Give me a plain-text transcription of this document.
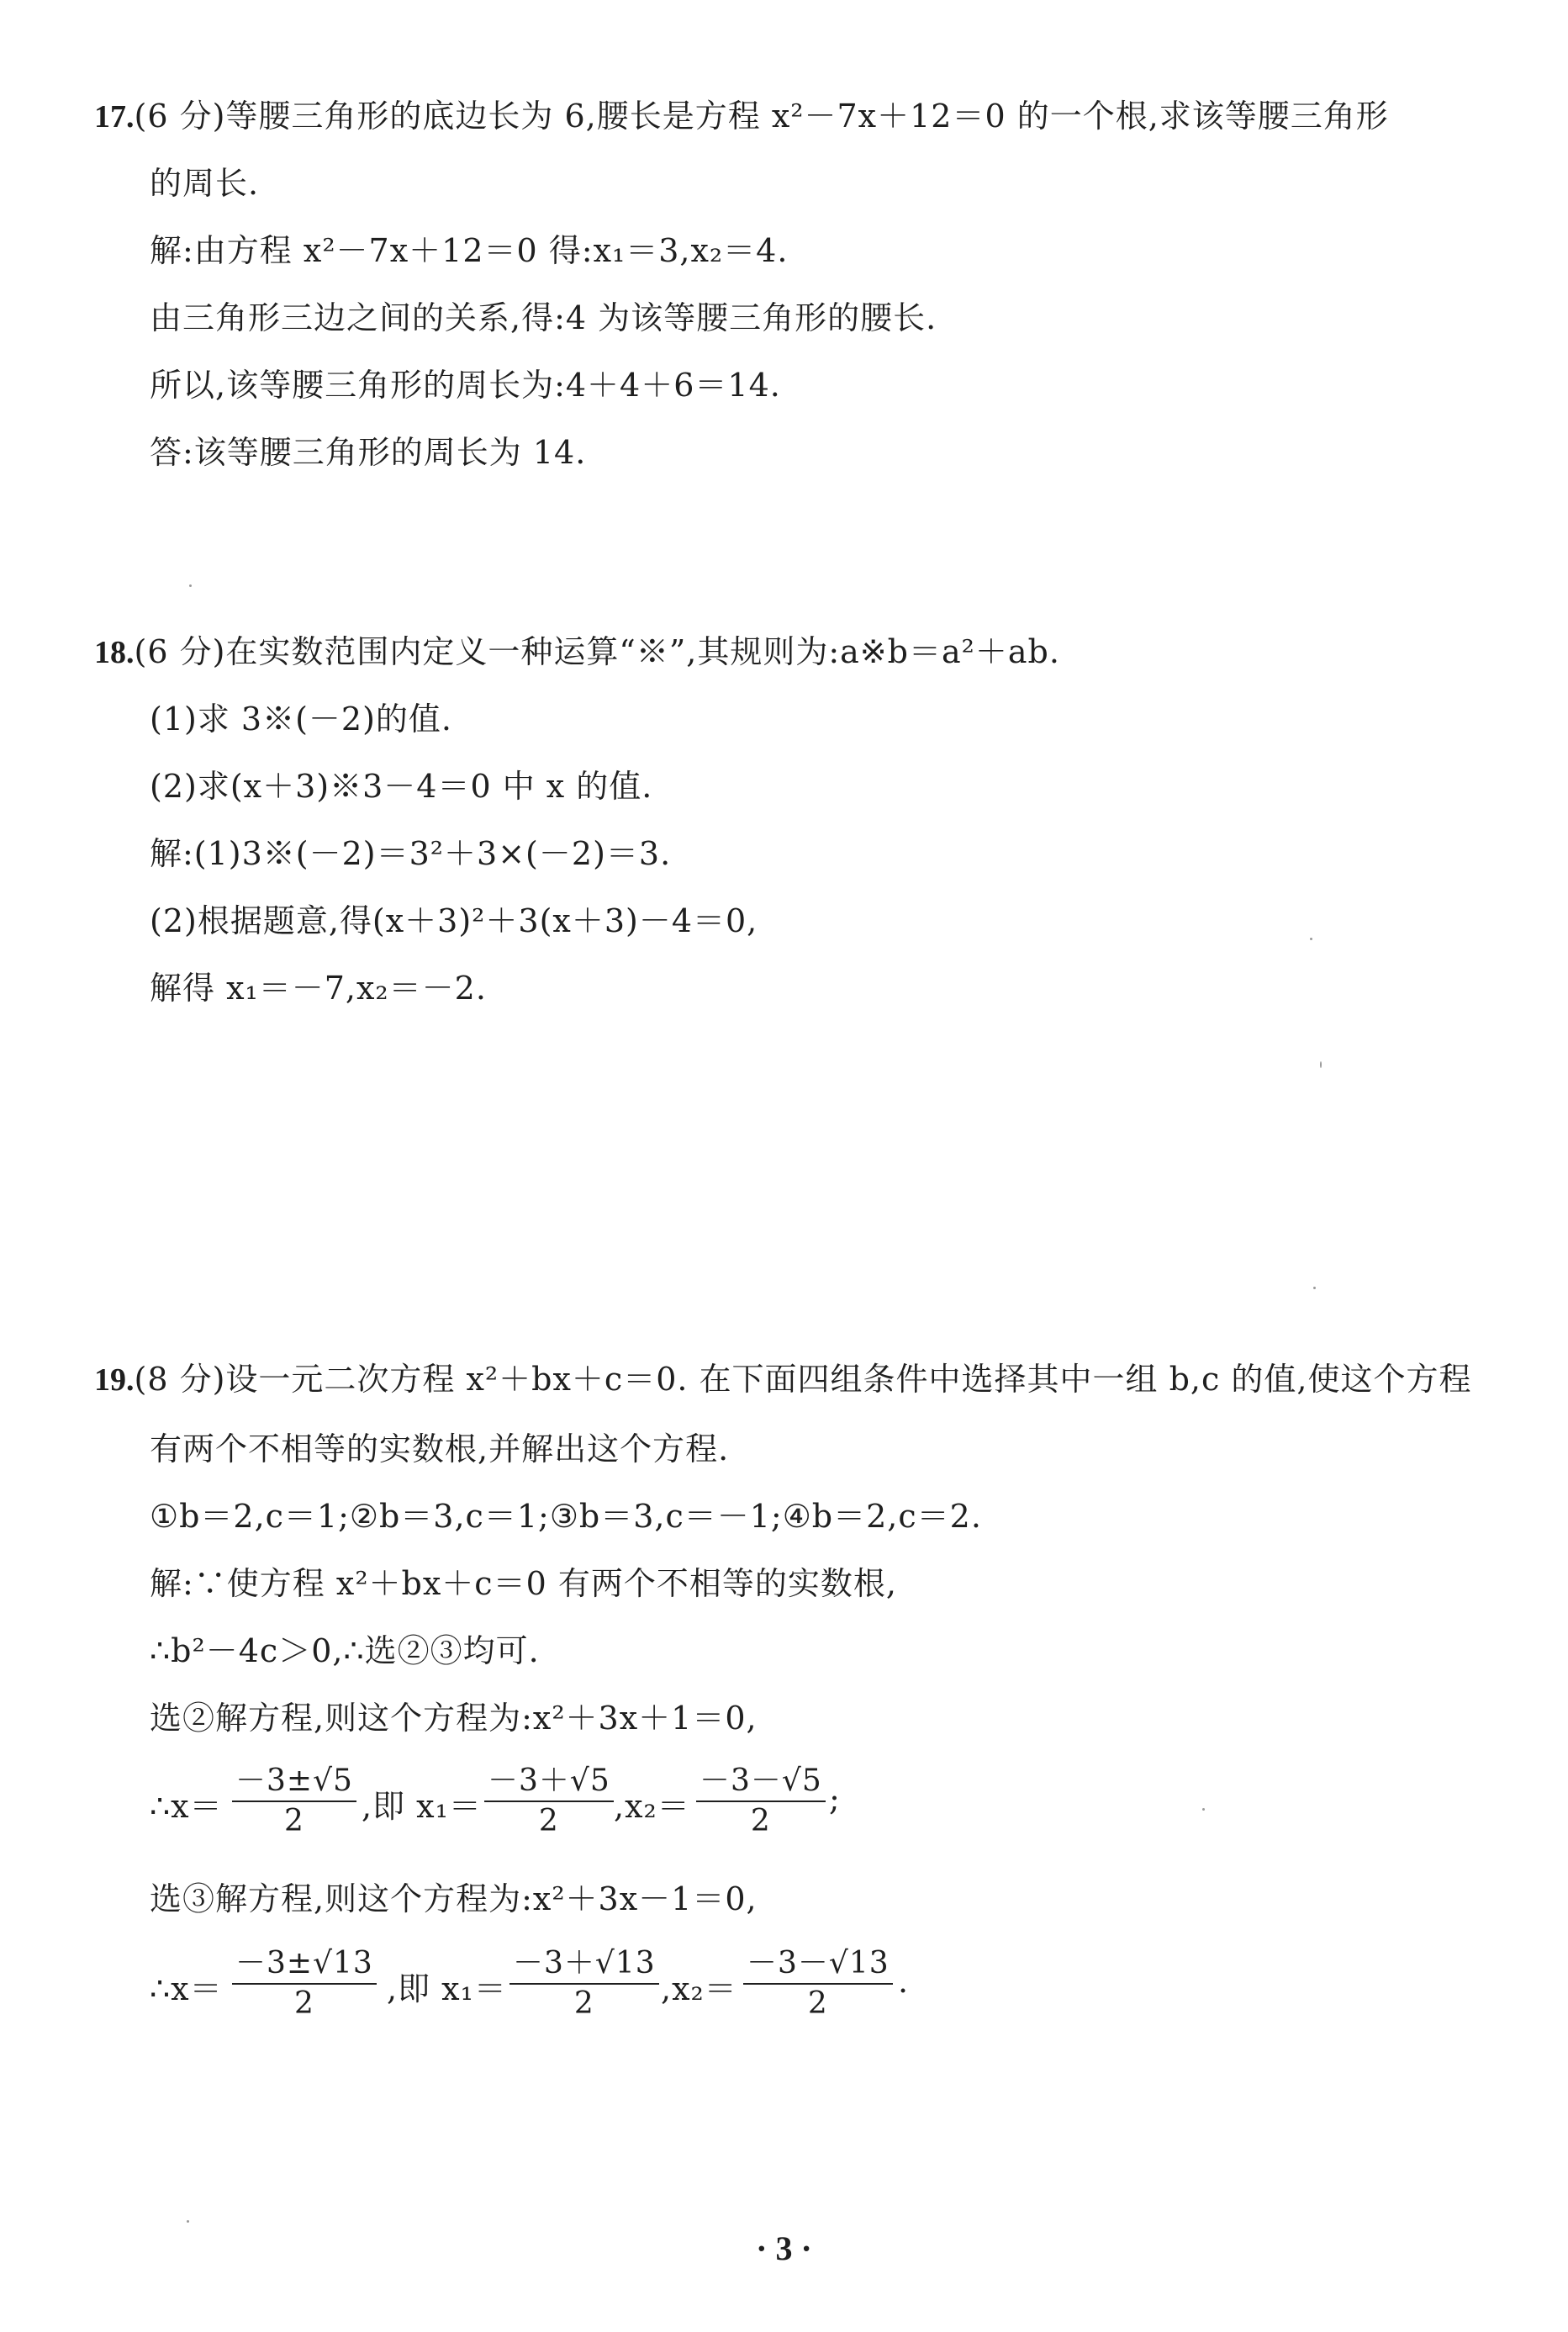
17.(6 分)等腰三角形的底边长为 6,腰长是方程 x²－7x＋12＝0 的一个根,求该等腰三角形
的周长.
解:由方程 x²－7x＋12＝0 得:x₁＝3,x₂＝4.
由三角形三边之间的关系,得:4 为该等腰三角形的腰长.
所以,该等腰三角形的周长为:4＋4＋6＝14.
答:该等腰三角形的周长为 14.
18.(6 分)在实数范围内定义一种运算“※”,其规则为:a※b＝a²＋ab.
(1)求 3※(－2)的值.
(2)求(x＋3)※3－4＝0 中 x 的值.
解:(1)3※(－2)＝3²＋3×(－2)＝3.
(2)根据题意,得(x＋3)²＋3(x＋3)－4＝0,
解得 x₁＝－7,x₂＝－2.
19.(8 分)设一元二次方程 x²＋bx＋c＝0. 在下面四组条件中选择其中一组 b,c 的值,使这个方程
有两个不相等的实数根,并解出这个方程.
①b＝2,c＝1;②b＝3,c＝1;③b＝3,c＝－1;④b＝2,c＝2.
解:∵使方程 x²＋bx＋c＝0 有两个不相等的实数根,
∴b²－4c＞0,∴选②③均可.
选②解方程,则这个方程为:x²＋3x＋1＝0,
∴x＝ $\frac{-3\pm√5}{2}$ ,即 $x_1= \frac{-3+√5}{2} ,x_2= \frac{-3-√5}{2}$ ;
选③解方程,则这个方程为:x²＋3x－1＝0,
∴x＝ $\frac{-3\pm√13}{2}$ ,即 $x_1= \frac{-3+√13}{2} ,x_2= \frac{-3-√13}{2}$ .
· 3 ·
